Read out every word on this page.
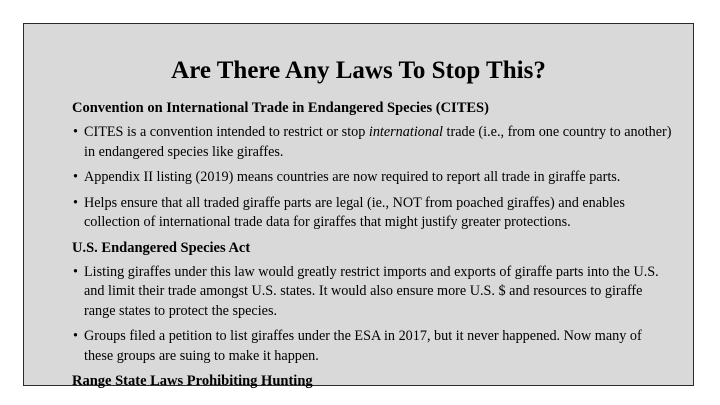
Are There Any Laws To Stop This?

Convention on International Trade in Endangered Species (CITES)

• CITES is a convention intended to restrict or stop international trade (i.e., from one country to another) in endangered species like giraffes.
• Appendix II listing (2019) means countries are now required to report all trade in giraffe parts.
• Helps ensure that all traded giraffe parts are legal (ie., NOT from poached giraffes) and enables collection of international trade data for giraffes that might justify greater protections.

U.S. Endangered Species Act

• Listing giraffes under this law would greatly restrict imports and exports of giraffe parts into the U.S. and limit their trade amongst U.S. states. It would also ensure more U.S. $ and resources to giraffe range states to protect the species.
• Groups filed a petition to list giraffes under the ESA in 2017, but it never happened. Now many of these groups are suing to make it happen.

Range State Laws Prohibiting Hunting
